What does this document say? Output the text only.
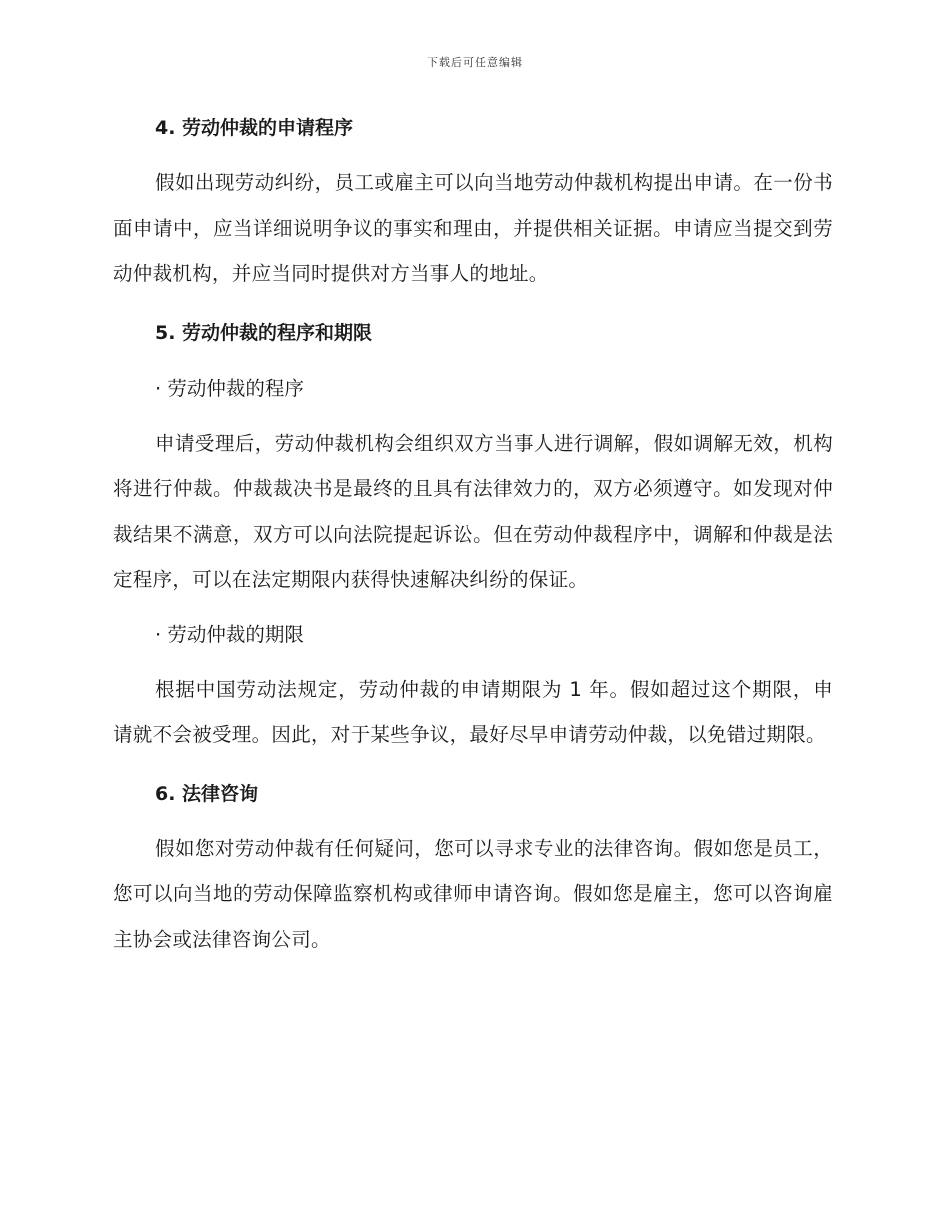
下载后可任意编辑
4. 劳动仲裁的申请程序

假如出现劳动纠纷，员工或雇主可以向当地劳动仲裁机构提出申请。在一份书面申请中，应当详细说明争议的事实和理由，并提供相关证据。申请应当提交到劳动仲裁机构，并应当同时提供对方当事人的地址。

5. 劳动仲裁的程序和期限
· 劳动仲裁的程序

申请受理后，劳动仲裁机构会组织双方当事人进行调解，假如调解无效，机构将进行仲裁。仲裁裁决书是最终的且具有法律效力的，双方必须遵守。如发现对仲裁结果不满意，双方可以向法院提起诉讼。但在劳动仲裁程序中，调解和仲裁是法定程序，可以在法定期限内获得快速解决纠纷的保证。

· 劳动仲裁的期限

根据中国劳动法规定，劳动仲裁的申请期限为 1 年。假如超过这个期限，申请就不会被受理。因此，对于某些争议，最好尽早申请劳动仲裁，以免错过期限。

6. 法律咨询

假如您对劳动仲裁有任何疑问，您可以寻求专业的法律咨询。假如您是员工，您可以向当地的劳动保障监察机构或律师申请咨询。假如您是雇主，您可以咨询雇主协会或法律咨询公司。
